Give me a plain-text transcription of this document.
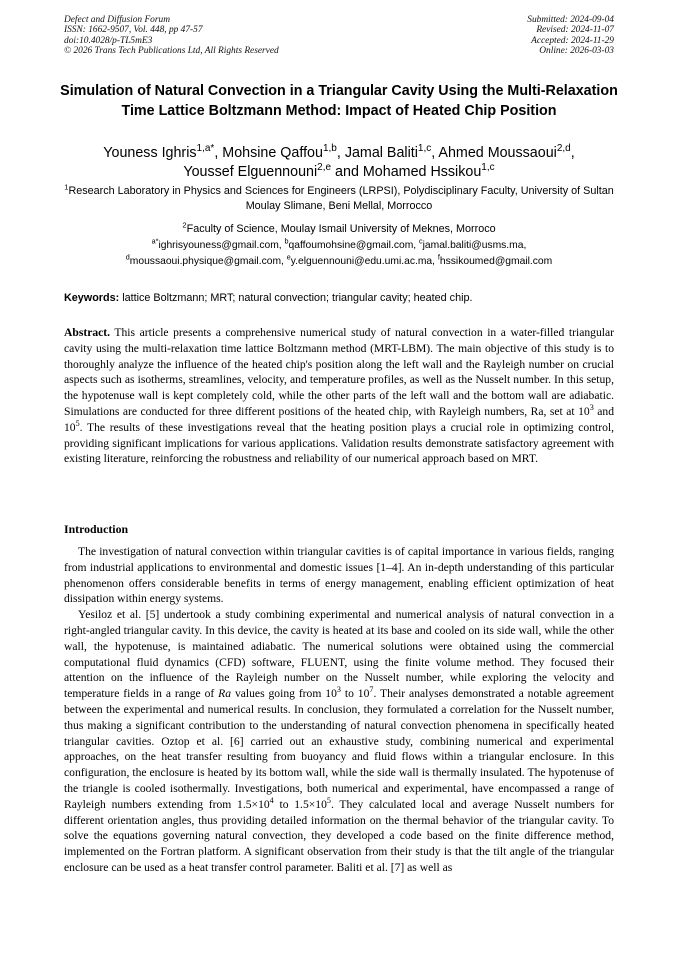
Defect and Diffusion Forum
ISSN: 1662-9507, Vol. 448, pp 47-57
doi:10.4028/p-TL5mE3
© 2026 Trans Tech Publications Ltd, All Rights Reserved
Submitted: 2024-09-04
Revised: 2024-11-07
Accepted: 2024-11-29
Online: 2026-03-03
Simulation of Natural Convection in a Triangular Cavity Using the Multi-Relaxation Time Lattice Boltzmann Method: Impact of Heated Chip Position
Youness Ighris$^{1,a*}$, Mohsine Qaffou$^{1,b}$, Jamal Baliti$^{1,c}$, Ahmed Moussaoui$^{2,d}$,
Youssef Elguennouni$^{2,e}$ and Mohamed Hssikou$^{1,c}$
$^1$Research Laboratory in Physics and Sciences for Engineers (LRPSI), Polydisciplinary Faculty, University of Sultan Moulay Slimane, Beni Mellal, Morrocco
$^2$Faculty of Science, Moulay Ismail University of Meknes, Morroco
$^{a*}$ighrisyouness@gmail.com, $^b$qaffoumohsine@gmail.com, $^c$jamal.baliti@usms.ma,
$^d$moussaoui.physique@gmail.com, $^e$y.elguennouni@edu.umi.ac.ma, $^f$hssikoumed@gmail.com
Keywords: lattice Boltzmann; MRT; natural convection; triangular cavity; heated chip.

Abstract. This article presents a comprehensive numerical study of natural convection in a water-filled triangular cavity using the multi-relaxation time lattice Boltzmann method (MRT-LBM). The main objective of this study is to thoroughly analyze the influence of the heated chip's position along the left wall and the Rayleigh number on crucial aspects such as isotherms, streamlines, velocity, and temperature profiles, as well as the Nusselt number. In this setup, the hypotenuse wall is kept completely cold, while the other parts of the left wall and the bottom wall are adiabatic. Simulations are conducted for three different positions of the heated chip, with Rayleigh numbers, Ra, set at $10^3$ and $10^5$. The results of these investigations reveal that the heating position plays a crucial role in optimizing control, providing significant implications for various applications. Validation results demonstrate satisfactory agreement with existing literature, reinforcing the robustness and reliability of our numerical approach based on MRT.

Introduction

The investigation of natural convection within triangular cavities is of capital importance in various fields, ranging from industrial applications to environmental and domestic issues [1–4]. An in-depth understanding of this particular phenomenon offers considerable benefits in terms of energy management, enabling efficient optimization of heat dissipation within energy systems.

Yesiloz et al. [5] undertook a study combining experimental and numerical analysis of natural convection in a right-angled triangular cavity. In this device, the cavity is heated at its base and cooled on its side wall, while the other wall, the hypotenuse, is maintained adiabatic. The numerical solutions were obtained using the commercial computational fluid dynamics (CFD) software, FLUENT, using the finite volume method. They focused their attention on the influence of the Rayleigh number on the Nusselt number, while exploring the velocity and temperature fields in a range of Ra values going from $10^3$ to $10^7$. Their analyses demonstrated a notable agreement between the experimental and numerical results. In conclusion, they formulated a correlation for the Nusselt number, thus making a significant contribution to the understanding of natural convection phenomena in specifically heated triangular cavities. Oztop et al. [6] carried out an exhaustive study, combining numerical and experimental approaches, on the heat transfer resulting from buoyancy and fluid flows within a triangular enclosure. In this configuration, the enclosure is heated by its bottom wall, while the side wall is thermally insulated. The hypotenuse of the triangle is cooled isothermally. Investigations, both numerical and experimental, have encompassed a range of Rayleigh numbers extending from $1.5\times 10^4$ to $1.5\times 10^5$. They calculated local and average Nusselt numbers for different orientation angles, thus providing detailed information on the thermal behavior of the triangular cavity. To solve the equations governing natural convection, they developed a code based on the finite difference method, implemented on the Fortran platform. A significant observation from their study is that the tilt angle of the triangular enclosure can be used as a heat transfer control parameter. Baliti et al. [7] as well as
